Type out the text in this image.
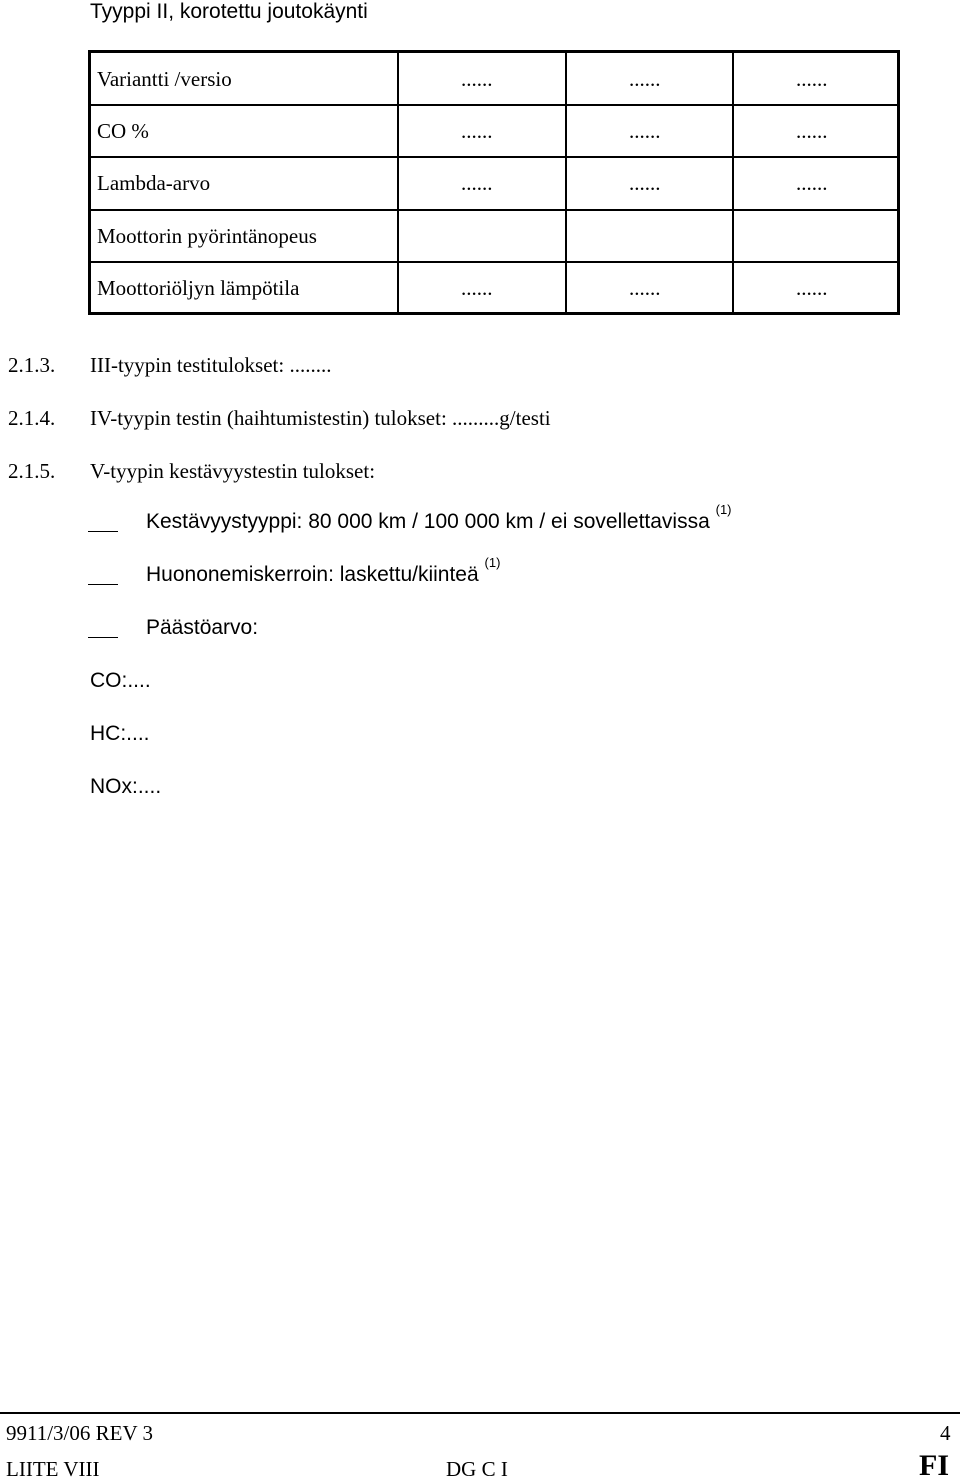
Tyyppi II, korotettu joutokäynti
Variantti /versio	......	......	......
CO %	......	......	......
Lambda-arvo	......	......	......
Moottorin pyörintänopeus
Moottoriöljyn lämpötila	......	......	......
2.1.3. III-tyypin testitulokset: ........
2.1.4. IV-tyypin testin (haihtumistestin) tulokset: .........g/testi
2.1.5. V-tyypin kestävyystestin tulokset:
Kestävyystyyppi: 80 000 km / 100 000 km / ei sovellettavissa $^{(1)}$
Huononemiskerroin: laskettu/kiinteä $^{(1)}$
Päästöarvo:
CO:....
HC:....
NOx:....
9911/3/06 REV 3	4
LIITE VIII	DG C I	FI
